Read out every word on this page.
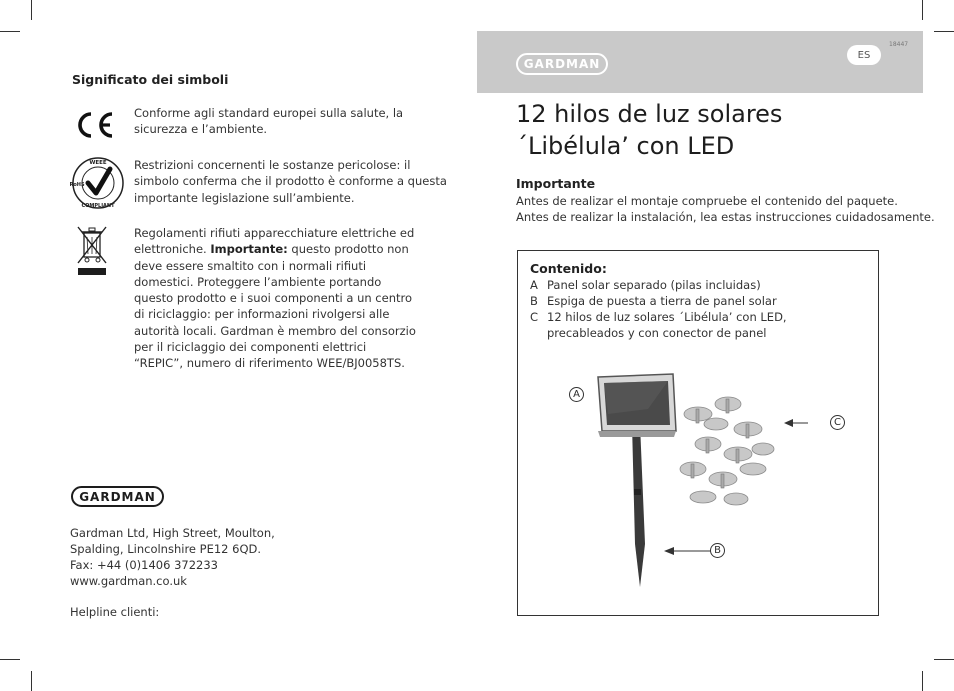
Significato dei simboli
Conforme agli standard europei sulla salute, la sicurezza e l’ambiente.
WEEE
COMPLIANT
RoHS
Restrizioni concernenti le sostanze pericolose: il simbolo conferma che il prodotto è conforme a questa importante legislazione sull’ambiente.
Regolamenti rifiuti apparecchiature elettriche ed elettroniche. Importante: questo prodotto non deve essere smaltito con i normali rifiuti domestici. Proteggere l’ambiente portando questo prodotto e i suoi componenti a un centro di riciclaggio: per informazioni rivolgersi alle autorità locali. Gardman è membro del consorzio per il riciclaggio dei componenti elettrici “REPIC”, numero di riferimento WEE/BJ0058TS.
GARDMAN
Gardman Ltd, High Street, Moulton,
Spalding, Lincolnshire PE12 6QD.
Fax: +44 (0)1406 372233
www.gardman.co.uk
Helpline clienti:
GARDMAN
ES
18447
12 hilos de luz solares
´Libélula’ con LED
Importante
Antes de realizar el montaje compruebe el contenido del paquete.
Antes de realizar la instalación, lea estas instrucciones cuidadosamente.
Contenido:
A Panel solar separado (pilas incluidas)
B Espiga de puesta a tierra de panel solar
C 12 hilos de luz solares ´Libélula’ con LED,
precableados y con conector de panel
A
B
C
